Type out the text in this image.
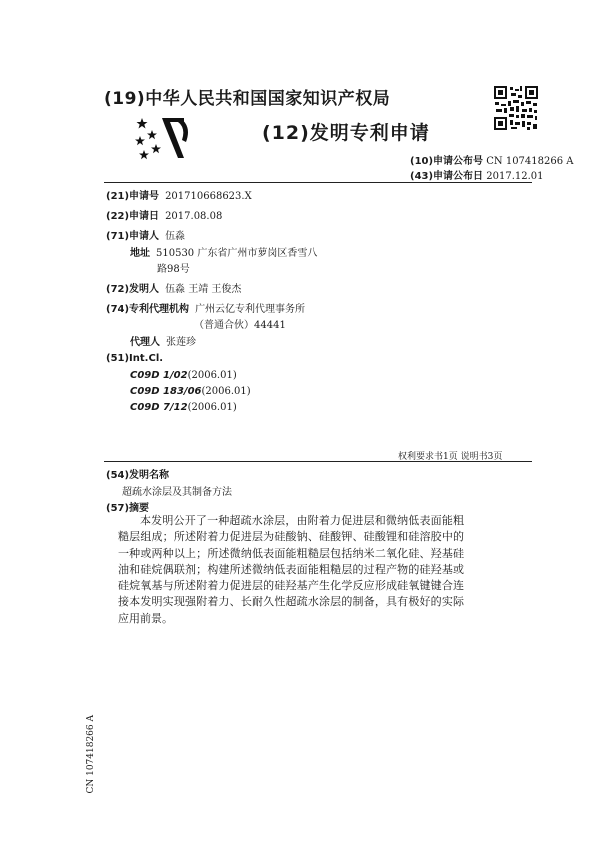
(19)中华人民共和国国家知识产权局
(12)发明专利申请
(10)申请公布号 CN 107418266 A
(43)申请公布日 2017.12.01
(21)申请号 201710668623.X
(22)申请日 2017.08.08
(71)申请人 伍淼
地址 510530 广东省广州市萝岗区香雪八
路98号
(72)发明人 伍淼 王靖 王俊杰
(74)专利代理机构 广州云亿专利代理事务所
（普通合伙）44441
代理人 张莲珍
(51)Int.Cl.
C09D 1/02(2006.01)
C09D 183/06(2006.01)
C09D 7/12(2006.01)
权利要求书1页 说明书3页
(54)发明名称
超疏水涂层及其制备方法
(57)摘要
本发明公开了一种超疏水涂层，由附着力促进层和微纳低表面能粗糙层组成；所述附着力促进层为硅酸钠、硅酸钾、硅酸锂和硅溶胶中的一种或两种以上；所述微纳低表面能粗糙层包括纳米二氧化硅、羟基硅油和硅烷偶联剂；构建所述微纳低表面能粗糙层的过程产物的硅羟基或硅烷氧基与所述附着力促进层的硅羟基产生化学反应形成硅氧键键合连接本发明实现强附着力、长耐久性超疏水涂层的制备，具有极好的实际应用前景。
CN 107418266 A
